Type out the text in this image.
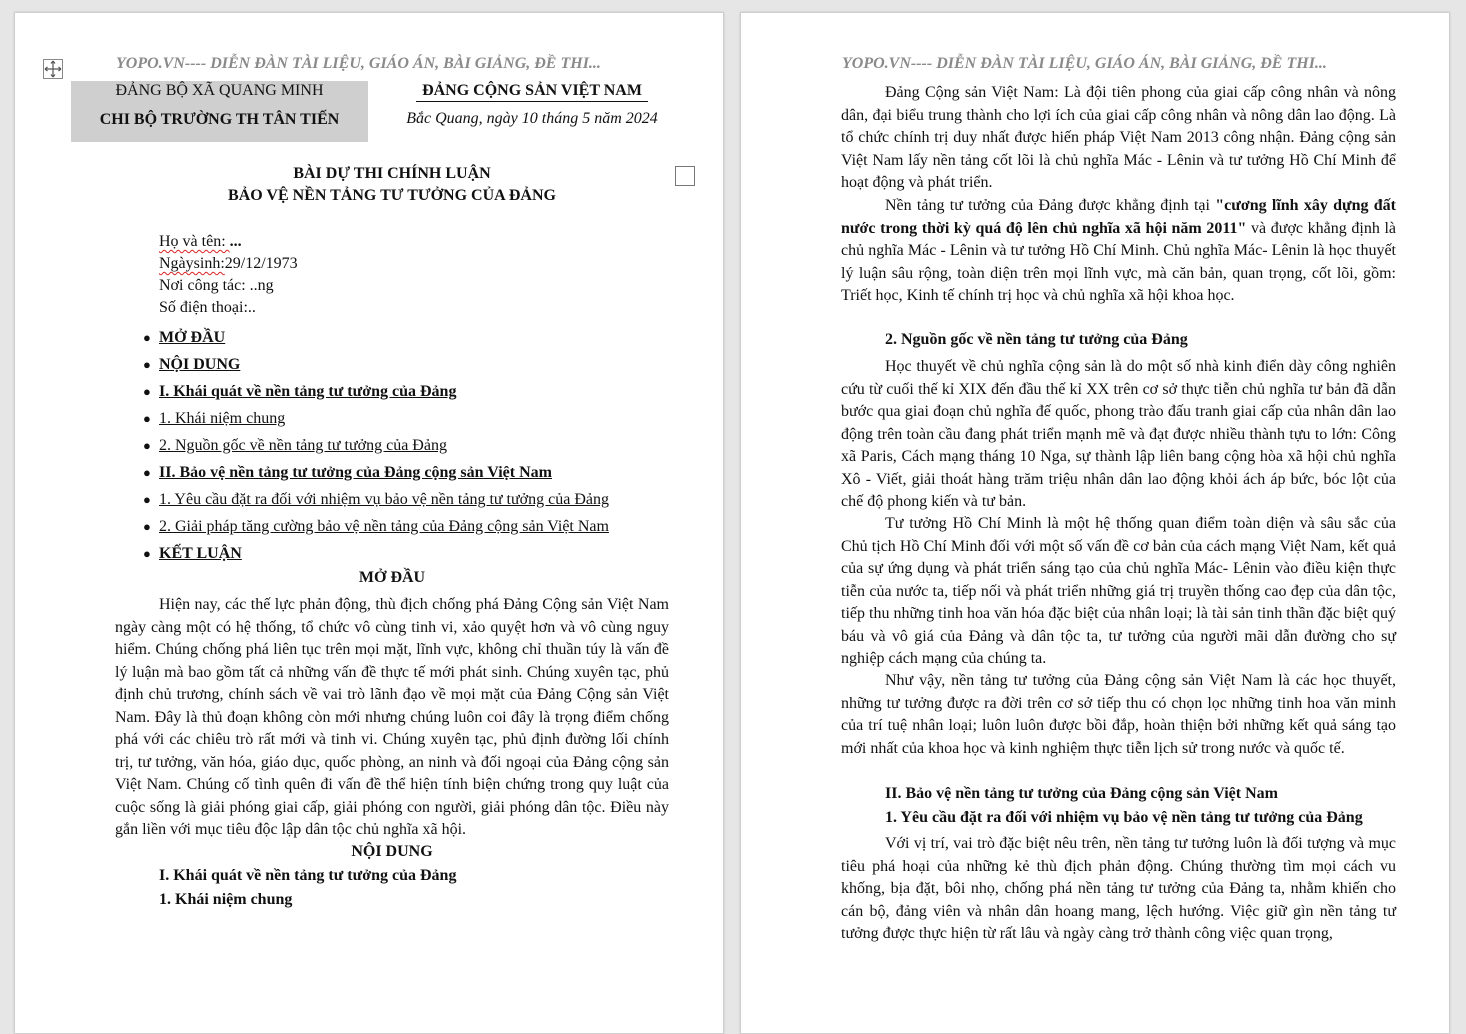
YOPO.VN---- DIỄN ĐÀN TÀI LIỆU, GIÁO ÁN, BÀI GIẢNG, ĐỀ THI...
ĐẢNG BỘ XÃ QUANG MINH
CHI BỘ TRƯỜNG TH TÂN TIẾN
ĐẢNG CỘNG SẢN VIỆT NAM
Bắc Quang, ngày 10 tháng 5 năm 2024
BÀI DỰ THI CHÍNH LUẬN
BẢO VỆ NỀN TẢNG TƯ TƯỞNG CỦA ĐẢNG
Họ và tên: ...
Ngàysinh:29/12/1973
Nơi công tác: ..ng
Số điện thoại:..
● MỞ ĐẦU
● NỘI DUNG
● I. Khái quát về nền tảng tư tưởng của Đảng
● 1. Khái niệm chung
● 2. Nguồn gốc về nền tảng tư tưởng của Đảng
● II. Bảo vệ nền tảng tư tưởng của Đảng cộng sản Việt Nam
● 1. Yêu cầu đặt ra đối với nhiệm vụ bảo vệ nền tảng tư tưởng của Đảng
● 2. Giải pháp tăng cường bảo vệ nền tảng của Đảng cộng sản Việt Nam
● KẾT LUẬN
MỞ ĐẦU
Hiện nay, các thế lực phản động, thù địch chống phá Đảng Cộng sản Việt Nam ngày càng một có hệ thống, tổ chức vô cùng tinh vi, xảo quyệt hơn và vô cùng nguy hiểm. Chúng chống phá liên tục trên mọi mặt, lĩnh vực, không chỉ thuần túy là vấn đề lý luận mà bao gồm tất cả những vấn đề thực tế mới phát sinh. Chúng xuyên tạc, phủ định chủ trương, chính sách về vai trò lãnh đạo về mọi mặt của Đảng Cộng sản Việt Nam. Đây là thủ đoạn không còn mới nhưng chúng luôn coi đây là trọng điểm chống phá với các chiêu trò rất mới và tinh vi. Chúng xuyên tạc, phủ định đường lối chính trị, tư tưởng, văn hóa, giáo dục, quốc phòng, an ninh và đối ngoại của Đảng cộng sản Việt Nam. Chúng cố tình quên đi vấn đề thể hiện tính biện chứng trong quy luật của cuộc sống là giải phóng giai cấp, giải phóng con người, giải phóng dân tộc. Điều này gắn liền với mục tiêu độc lập dân tộc chủ nghĩa xã hội.
NỘI DUNG
I. Khái quát về nền tảng tư tưởng của Đảng
1. Khái niệm chung
YOPO.VN---- DIỄN ĐÀN TÀI LIỆU, GIÁO ÁN, BÀI GIẢNG, ĐỀ THI...
Đảng Cộng sản Việt Nam: Là đội tiên phong của giai cấp công nhân và nông dân, đại biểu trung thành cho lợi ích của giai cấp công nhân và nông dân lao động. Là tổ chức chính trị duy nhất được hiến pháp Việt Nam 2013 công nhận. Đảng cộng sản Việt Nam lấy nền tảng cốt lõi là chủ nghĩa Mác - Lênin và tư tưởng Hồ Chí Minh để hoạt động và phát triển.
Nền tảng tư tưởng của Đảng được khẳng định tại "cương lĩnh xây dựng đất nước trong thời kỳ quá độ lên chủ nghĩa xã hội năm 2011" và được khẳng định là chủ nghĩa Mác - Lênin và tư tưởng Hồ Chí Minh. Chủ nghĩa Mác- Lênin là học thuyết lý luận sâu rộng, toàn diện trên mọi lĩnh vực, mà căn bản, quan trọng, cốt lõi, gồm: Triết học, Kinh tế chính trị học và chủ nghĩa xã hội khoa học.
2. Nguồn gốc về nền tảng tư tưởng của Đảng
Học thuyết về chủ nghĩa cộng sản là do một số nhà kinh điển dày công nghiên cứu từ cuối thế kỉ XIX đến đầu thế kỉ XX trên cơ sở thực tiễn chủ nghĩa tư bản đã dẫn bước qua giai đoạn chủ nghĩa đế quốc, phong trào đấu tranh giai cấp của nhân dân lao động trên toàn cầu đang phát triển mạnh mẽ và đạt được nhiều thành tựu to lớn: Công xã Paris, Cách mạng tháng 10 Nga, sự thành lập liên bang cộng hòa xã hội chủ nghĩa Xô - Viết, giải thoát hàng trăm triệu nhân dân lao động khỏi ách áp bức, bóc lột của chế độ phong kiến và tư bản.
Tư tưởng Hồ Chí Minh là một hệ thống quan điểm toàn diện và sâu sắc của Chủ tịch Hồ Chí Minh đối với một số vấn đề cơ bản của cách mạng Việt Nam, kết quả của sự ứng dụng và phát triển sáng tạo của chủ nghĩa Mác- Lênin vào điều kiện thực tiễn của nước ta, tiếp nối và phát triển những giá trị truyền thống cao đẹp của dân tộc, tiếp thu những tinh hoa văn hóa đặc biệt của nhân loại; là tài sản tinh thần đặc biệt quý báu và vô giá của Đảng và dân tộc ta, tư tưởng của người mãi dẫn đường cho sự nghiệp cách mạng của chúng ta.
Như vậy, nền tảng tư tưởng của Đảng cộng sản Việt Nam là các học thuyết, những tư tưởng được ra đời trên cơ sở tiếp thu có chọn lọc những tinh hoa văn minh của trí tuệ nhân loại; luôn luôn được bồi đắp, hoàn thiện bởi những kết quả sáng tạo mới nhất của khoa học và kinh nghiệm thực tiễn lịch sử trong nước và quốc tế.
II. Bảo vệ nền tảng tư tưởng của Đảng cộng sản Việt Nam
1. Yêu cầu đặt ra đối với nhiệm vụ bảo vệ nền tảng tư tưởng của Đảng
Với vị trí, vai trò đặc biệt nêu trên, nền tảng tư tưởng luôn là đối tượng và mục tiêu phá hoại của những kẻ thù địch phản động. Chúng thường tìm mọi cách vu khống, bịa đặt, bôi nhọ, chống phá nền tảng tư tưởng của Đảng ta, nhằm khiến cho cán bộ, đảng viên và nhân dân hoang mang, lệch hướng. Việc giữ gìn nền tảng tư tưởng được thực hiện từ rất lâu và ngày càng trở thành công việc quan trọng,
